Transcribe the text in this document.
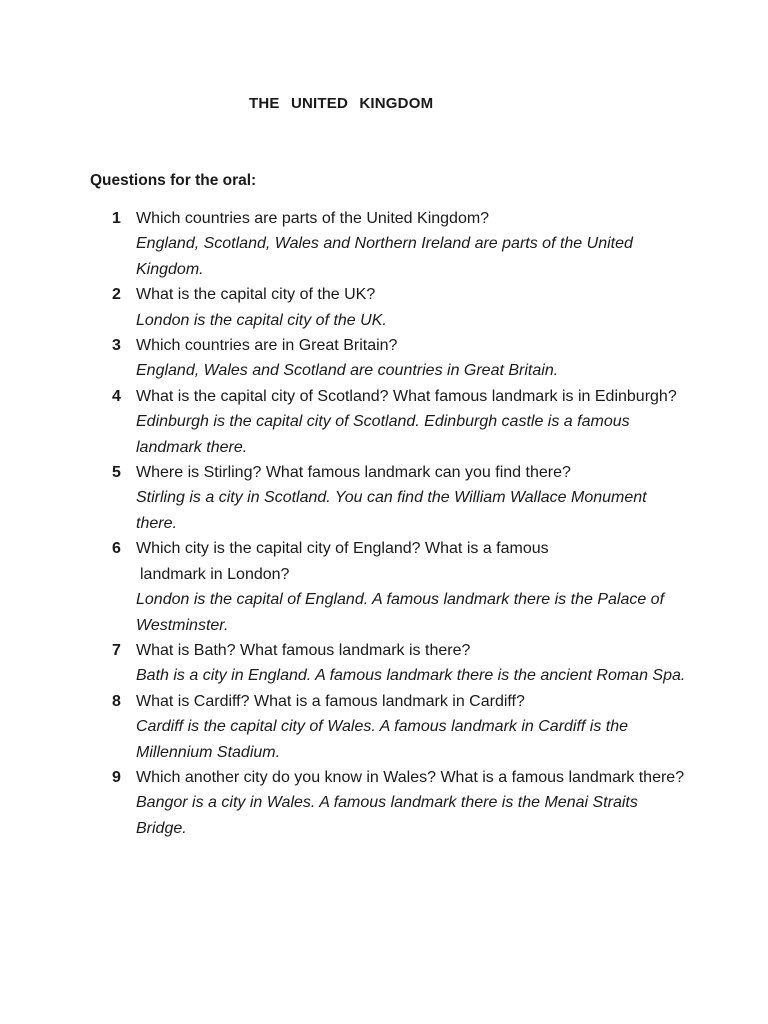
THE UNITED KINGDOM
Questions for the oral:
1 Which countries are parts of the United Kingdom?
England, Scotland, Wales and Northern Ireland are parts of the United Kingdom.
2 What is the capital city of the UK?
London is the capital city of the UK.
3 Which countries are in Great Britain?
England, Wales and Scotland are countries in Great Britain.
4 What is the capital city of Scotland? What famous landmark is in Edinburgh?
Edinburgh is the capital city of Scotland. Edinburgh castle is a famous landmark there.
5 Where is Stirling? What famous landmark can you find there?
Stirling is a city in Scotland. You can find the William Wallace Monument there.
6 Which city is the capital city of England? What is a famous
landmark in London?
London is the capital of England. A famous landmark there is the Palace of Westminster.
7 What is Bath? What famous landmark is there?
Bath is a city in England. A famous landmark there is the ancient Roman Spa.
8 What is Cardiff? What is a famous landmark in Cardiff?
Cardiff is the capital city of Wales. A famous landmark in Cardiff is the Millennium Stadium.
9 Which another city do you know in Wales? What is a famous landmark there?
Bangor is a city in Wales. A famous landmark there is the Menai Straits Bridge.
